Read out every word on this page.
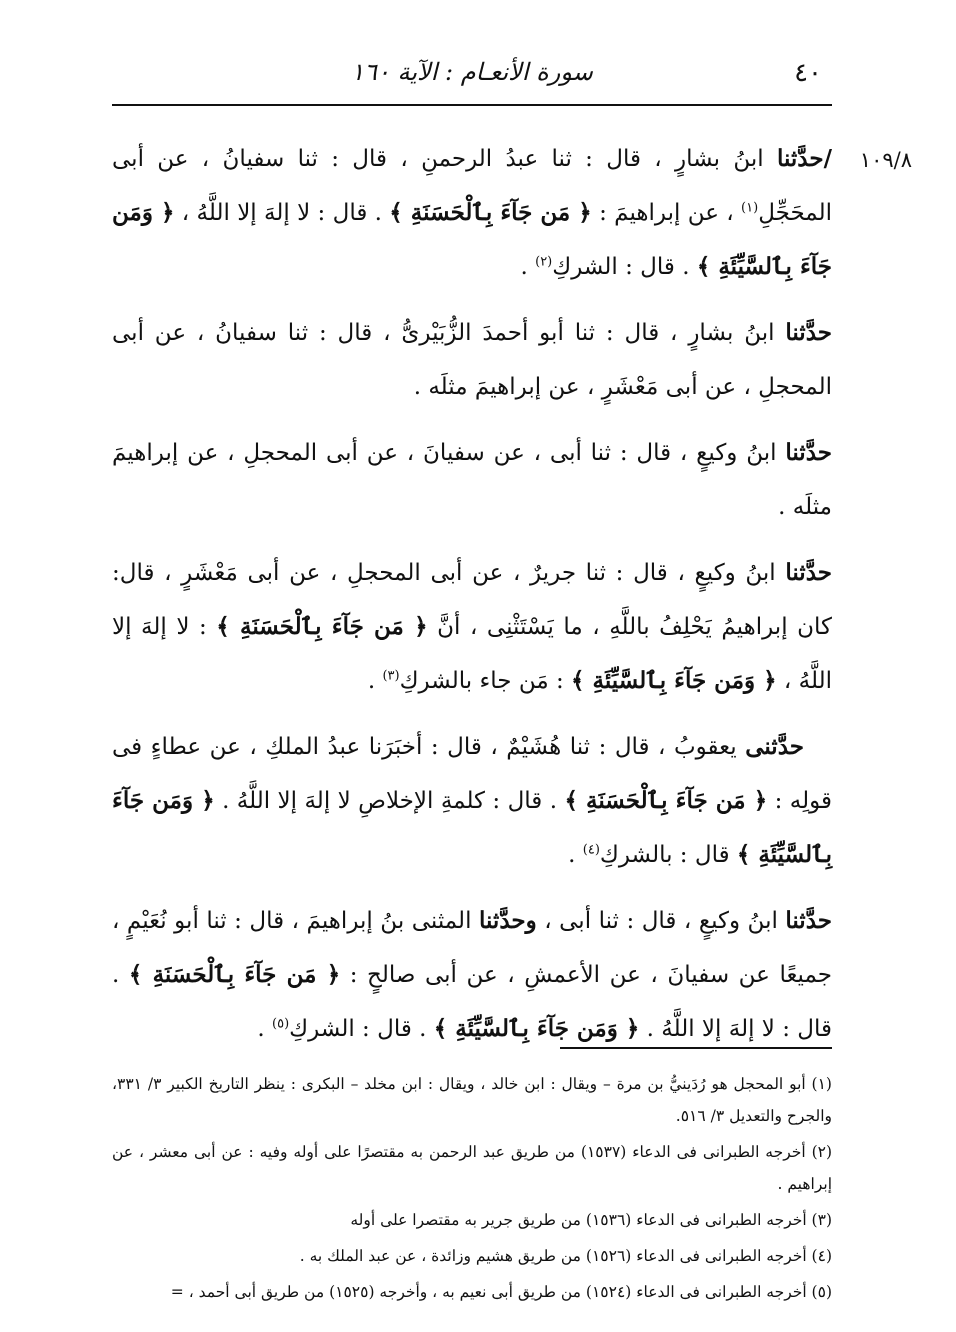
٤٠
سورة الأنعـام : الآية ١٦٠
١٠٩/٨

/حدَّثنا ابنُ بشارٍ ، قال : ثنا عبدُ الرحمنِ ، قال : ثنا سفيانُ ، عن أبى المحَجِّلِ$^{(١)}$ ، عن إبراهيمَ : ﴿ مَن جَآءَ بِٱلْحَسَنَةِ ﴾ . قال : لا إلهَ إلا اللَّهُ ، ﴿ وَمَن جَآءَ بِٱلسَّيِّئَةِ ﴾ . قال : الشركِ$^{(٢)}$ .

حدَّثنا ابنُ بشارٍ ، قال : ثنا أبو أحمدَ الزُّبَيْرىُّ ، قال : ثنا سفيانُ ، عن أبى المحجلِ ، عن أبى مَعْشَرٍ ، عن إبراهيمَ مثلَه .

حدَّثنا ابنُ وكيعٍ ، قال : ثنا أبى ، عن سفيانَ ، عن أبى المحجلِ ، عن إبراهيمَ مثلَه .

حدَّثنا ابنُ وكيعٍ ، قال : ثنا جريرٌ ، عن أبى المحجلِ ، عن أبى مَعْشَرٍ ، قال: كان إبراهيمُ يَحْلِفُ باللَّهِ ، ما يَسْتَثْنِى ، أنَّ ﴿ مَن جَآءَ بِٱلْحَسَنَةِ ﴾ : لا إلهَ إلا اللَّهُ ، ﴿ وَمَن جَآءَ بِٱلسَّيِّئَةِ ﴾ : مَن جاء بالشركِ$^{(٣)}$ .

حدَّثنى يعقوبُ ، قال : ثنا هُشَيْمٌ ، قال : أخبَرَنا عبدُ الملكِ ، عن عطاءٍ فى قولِه : ﴿ مَن جَآءَ بِٱلْحَسَنَةِ ﴾ . قال : كلمةِ الإخلاصِ لا إلهَ إلا اللَّهُ . ﴿ وَمَن جَآءَ بِٱلسَّيِّئَةِ ﴾ قال : بالشركِ$^{(٤)}$ .

حدَّثنا ابنُ وكيعٍ ، قال : ثنا أبى ، وحدَّثنا المثنى بنُ إبراهيمَ ، قال : ثنا أبو نُعَيْمٍ ، جميعًا عن سفيانَ ، عن الأعمشِ ، عن أبى صالحٍ : ﴿ مَن جَآءَ بِٱلْحَسَنَةِ ﴾ . قال : لا إلهَ إلا اللَّهُ . ﴿ وَمَن جَآءَ بِٱلسَّيِّئَةِ ﴾ . قال : الشركِ$^{(٥)}$ .

(١) أبو المحجل هو رُدَينيُّ بن مرة – ويقال : ابن خالد ، ويقال : ابن مخلد – البكرى : ينظر التاريخ الكبير ٣/ ٣٣١، والجرح والتعديل ٣/ ٥١٦.

(٢) أخرجه الطبرانى فى الدعاء (١٥٣٧) من طريق عبد الرحمن به مقتصرًا على أوله وفيه : عن أبى معشر ، عن إبراهيم .

(٣) أخرجه الطبرانى فى الدعاء (١٥٣٦) من طريق جرير به مقتصرا على أوله

(٤) أخرجه الطبرانى فى الدعاء (١٥٢٦) من طريق هشيم وزائدة ، عن عبد الملك به .

(٥) أخرجه الطبرانى فى الدعاء (١٥٢٤) من طريق أبى نعيم به ، وأخرجه (١٥٢٥) من طريق أبى أحمد ، =
